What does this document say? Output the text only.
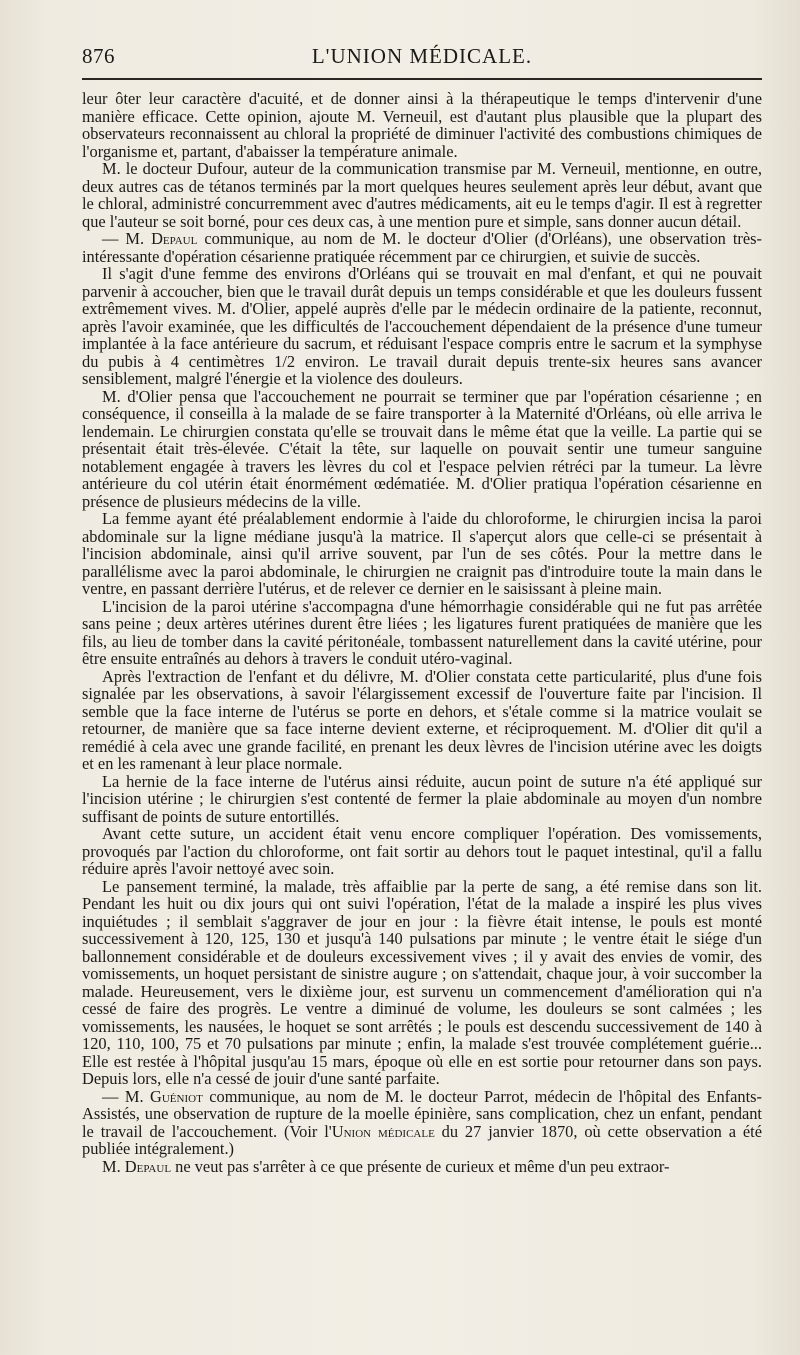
876	L'UNION MÉDICALE.

leur ôter leur caractère d'acuité, et de donner ainsi à la thérapeutique le temps d'intervenir d'une manière efficace. Cette opinion, ajoute M. Verneuil, est d'autant plus plausible que la plupart des observateurs reconnaissent au chloral la propriété de diminuer l'activité des combustions chimiques de l'organisme et, partant, d'abaisser la température animale.

M. le docteur Dufour, auteur de la communication transmise par M. Verneuil, mentionne, en outre, deux autres cas de tétanos terminés par la mort quelques heures seulement après leur début, avant que le chloral, administré concurremment avec d'autres médicaments, ait eu le temps d'agir. Il est à regretter que l'auteur se soit borné, pour ces deux cas, à une mention pure et simple, sans donner aucun détail.

— M. Depaul communique, au nom de M. le docteur d'Olier (d'Orléans), une observation très-intéressante d'opération césarienne pratiquée récemment par ce chirurgien, et suivie de succès.

Il s'agit d'une femme des environs d'Orléans qui se trouvait en mal d'enfant, et qui ne pouvait parvenir à accoucher, bien que le travail durât depuis un temps considérable et que les douleurs fussent extrêmement vives. M. d'Olier, appelé auprès d'elle par le médecin ordinaire de la patiente, reconnut, après l'avoir examinée, que les difficultés de l'accouchement dépendaient de la présence d'une tumeur implantée à la face antérieure du sacrum, et réduisant l'espace compris entre le sacrum et la symphyse du pubis à 4 centimètres 1/2 environ. Le travail durait depuis trente-six heures sans avancer sensiblement, malgré l'énergie et la violence des douleurs.

M. d'Olier pensa que l'accouchement ne pourrait se terminer que par l'opération césarienne ; en conséquence, il conseilla à la malade de se faire transporter à la Maternité d'Orléans, où elle arriva le lendemain. Le chirurgien constata qu'elle se trouvait dans le même état que la veille. La partie qui se présentait était très-élevée. C'était la tête, sur laquelle on pouvait sentir une tumeur sanguine notablement engagée à travers les lèvres du col et l'espace pelvien rétréci par la tumeur. La lèvre antérieure du col utérin était énormément œdématiée. M. d'Olier pratiqua l'opération césarienne en présence de plusieurs médecins de la ville.

La femme ayant été préalablement endormie à l'aide du chloroforme, le chirurgien incisa la paroi abdominale sur la ligne médiane jusqu'à la matrice. Il s'aperçut alors que celle-ci se présentait à l'incision abdominale, ainsi qu'il arrive souvent, par l'un de ses côtés. Pour la mettre dans le parallélisme avec la paroi abdominale, le chirurgien ne craignit pas d'introduire toute la main dans le ventre, en passant derrière l'utérus, et de relever ce dernier en le saisissant à pleine main.

L'incision de la paroi utérine s'accompagna d'une hémorrhagie considérable qui ne fut pas arrêtée sans peine ; deux artères utérines durent être liées ; les ligatures furent pratiquées de manière que les fils, au lieu de tomber dans la cavité péritonéale, tombassent naturellement dans la cavité utérine, pour être ensuite entraînés au dehors à travers le conduit utéro-vaginal.

Après l'extraction de l'enfant et du délivre, M. d'Olier constata cette particularité, plus d'une fois signalée par les observations, à savoir l'élargissement excessif de l'ouverture faite par l'incision. Il semble que la face interne de l'utérus se porte en dehors, et s'étale comme si la matrice voulait se retourner, de manière que sa face interne devient externe, et réciproquement. M. d'Olier dit qu'il a remédié à cela avec une grande facilité, en prenant les deux lèvres de l'incision utérine avec les doigts et en les ramenant à leur place normale.

La hernie de la face interne de l'utérus ainsi réduite, aucun point de suture n'a été appliqué sur l'incision utérine ; le chirurgien s'est contenté de fermer la plaie abdominale au moyen d'un nombre suffisant de points de suture entortillés.

Avant cette suture, un accident était venu encore compliquer l'opération. Des vomissements, provoqués par l'action du chloroforme, ont fait sortir au dehors tout le paquet intestinal, qu'il a fallu réduire après l'avoir nettoyé avec soin.

Le pansement terminé, la malade, très affaiblie par la perte de sang, a été remise dans son lit. Pendant les huit ou dix jours qui ont suivi l'opération, l'état de la malade a inspiré les plus vives inquiétudes ; il semblait s'aggraver de jour en jour : la fièvre était intense, le pouls est monté successivement à 120, 125, 130 et jusqu'à 140 pulsations par minute ; le ventre était le siége d'un ballonnement considérable et de douleurs excessivement vives ; il y avait des envies de vomir, des vomissements, un hoquet persistant de sinistre augure ; on s'attendait, chaque jour, à voir succomber la malade. Heureusement, vers le dixième jour, est survenu un commencement d'amélioration qui n'a cessé de faire des progrès. Le ventre a diminué de volume, les douleurs se sont calmées ; les vomissements, les nausées, le hoquet se sont arrêtés ; le pouls est descendu successivement de 140 à 120, 110, 100, 75 et 70 pulsations par minute ; enfin, la malade s'est trouvée complétement guérie... Elle est restée à l'hôpital jusqu'au 15 mars, époque où elle en est sortie pour retourner dans son pays. Depuis lors, elle n'a cessé de jouir d'une santé parfaite.

— M. Guéniot communique, au nom de M. le docteur Parrot, médecin de l'hôpital des Enfants-Assistés, une observation de rupture de la moelle épinière, sans complication, chez un enfant, pendant le travail de l'accouchement. (Voir l'Union médicale du 27 janvier 1870, où cette observation a été publiée intégralement.)

M. Depaul ne veut pas s'arrêter à ce que présente de curieux et même d'un peu extraor-
